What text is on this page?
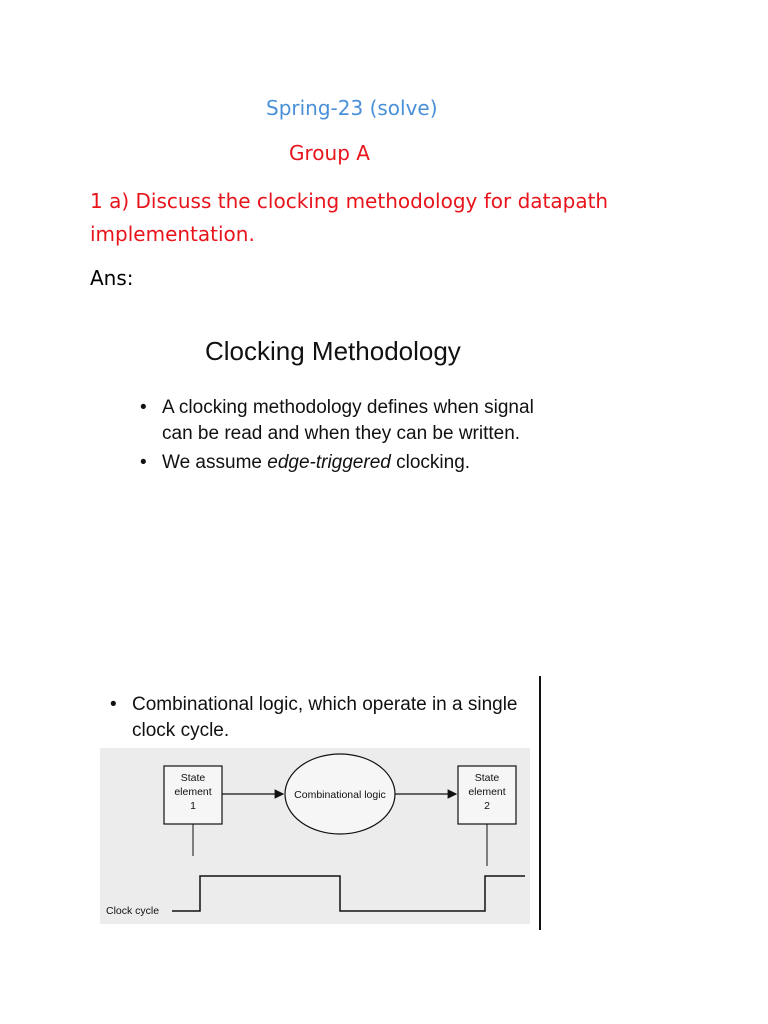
Spring-23 (solve)
Group A
1 a) Discuss the clocking methodology for datapath implementation.
Ans:
Clocking Methodology
• A clocking methodology defines when signal can be read and when they can be written.
• We assume edge-triggered clocking.
• Combinational logic, which operate in a single clock cycle.
State
element
1
Combinational logic
State
element
2
Clock cycle
